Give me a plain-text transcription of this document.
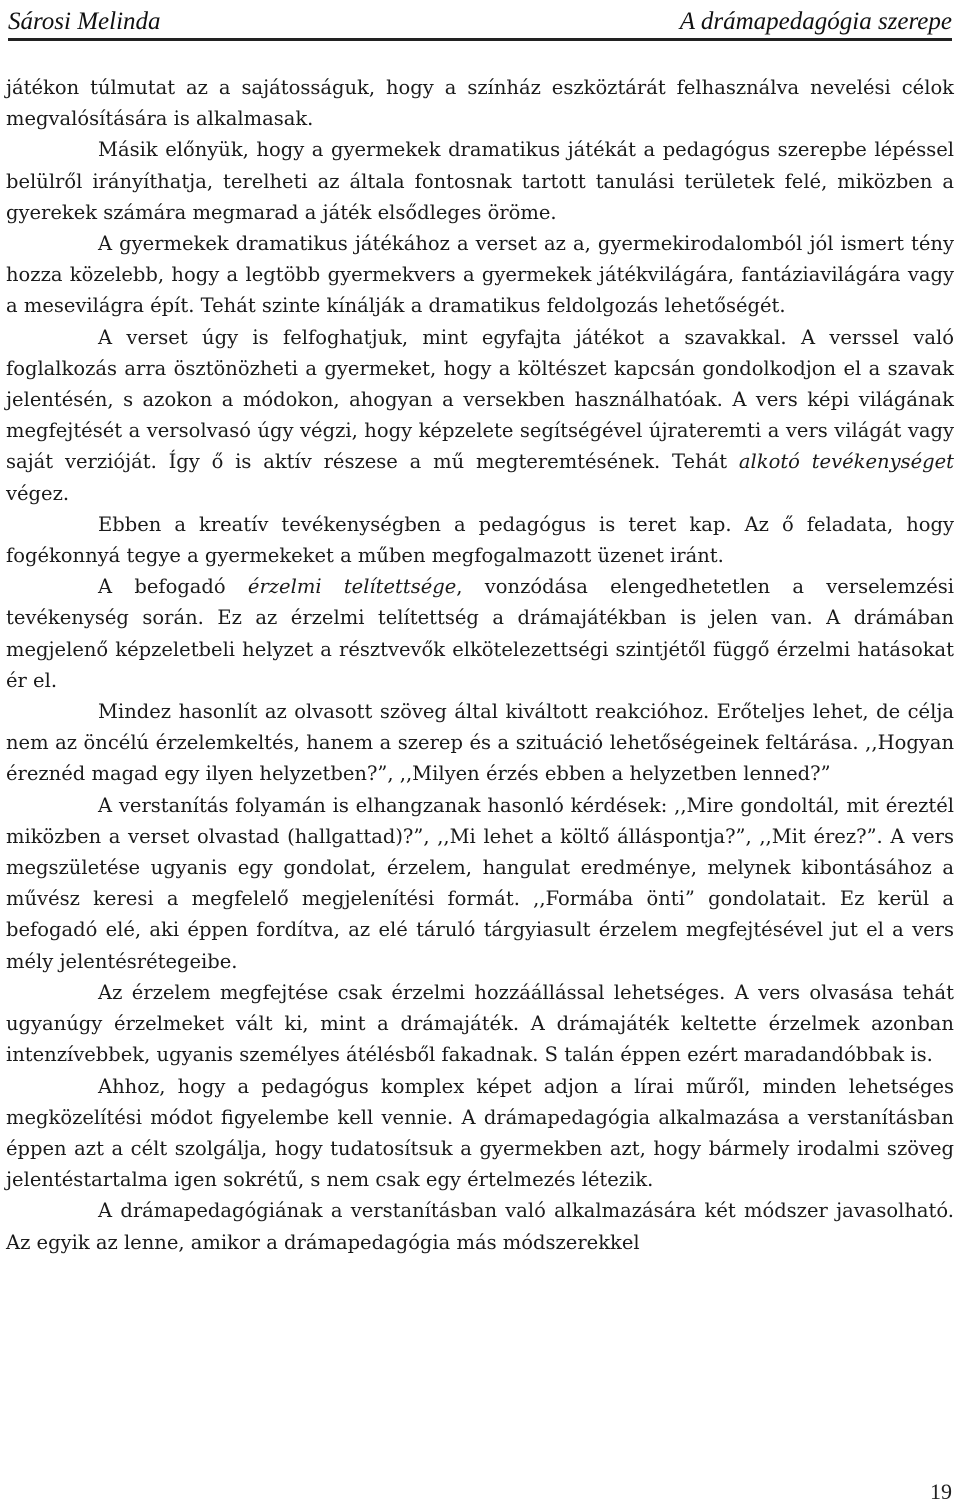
Sárosi Melinda	A drámapedagógia szerepe

játékon túlmutat az a sajátosságuk, hogy a színház eszköztárát felhasználva nevelési célok megvalósítására is alkalmasak.

Másik előnyük, hogy a gyermekek dramatikus játékát a pedagógus szerepbe lépéssel belülről irányíthatja, terelheti az általa fontosnak tartott tanulási területek felé, miközben a gyerekek számára megmarad a játék elsődleges öröme.

A gyermekek dramatikus játékához a verset az a, gyermekirodalomból jól ismert tény hozza közelebb, hogy a legtöbb gyermekvers a gyermekek játékvilágára, fantáziavilágára vagy a mesevilágra épít. Tehát szinte kínálják a dramatikus feldolgozás lehetőségét.

A verset úgy is felfoghatjuk, mint egyfajta játékot a szavakkal. A verssel való foglalkozás arra ösztönözheti a gyermeket, hogy a költészet kapcsán gondolkodjon el a szavak jelentésén, s azokon a módokon, ahogyan a versekben használhatóak. A vers képi világának megfejtését a versolvasó úgy végzi, hogy képzelete segítségével újrateremti a vers világát vagy saját verzióját. Így ő is aktív részese a mű megteremtésének. Tehát alkotó tevékenységet végez.

Ebben a kreatív tevékenységben a pedagógus is teret kap. Az ő feladata, hogy fogékonnyá tegye a gyermekeket a műben megfogalmazott üzenet iránt.

A befogadó érzelmi telítettsége, vonzódása elengedhetetlen a verselemzési tevékenység során. Ez az érzelmi telítettség a drámajátékban is jelen van. A drámában megjelenő képzeletbeli helyzet a résztvevők elkötelezettségi szintjétől függő érzelmi hatásokat ér el.

Mindez hasonlít az olvasott szöveg által kiváltott reakcióhoz. Erőteljes lehet, de célja nem az öncélú érzelemkeltés, hanem a szerep és a szituáció lehetőségeinek feltárása. ,,Hogyan éreznéd magad egy ilyen helyzetben?”, ,,Milyen érzés ebben a helyzetben lenned?”

A verstanítás folyamán is elhangzanak hasonló kérdések: ,,Mire gondoltál, mit éreztél miközben a verset olvastad (hallgattad)?”, ,,Mi lehet a költő álláspontja?”, ,,Mit érez?”. A vers megszületése ugyanis egy gondolat, érzelem, hangulat eredménye, melynek kibontásához a művész keresi a megfelelő megjelenítési formát. ,,Formába önti” gondolatait. Ez kerül a befogadó elé, aki éppen fordítva, az elé táruló tárgyiasult érzelem megfejtésével jut el a vers mély jelentésrétegeibe.

Az érzelem megfejtése csak érzelmi hozzáállással lehetséges. A vers olvasása tehát ugyanúgy érzelmeket vált ki, mint a drámajáték. A drámajáték keltette érzelmek azonban intenzívebbek, ugyanis személyes átélésből fakadnak. S talán éppen ezért maradandóbbak is.

Ahhoz, hogy a pedagógus komplex képet adjon a lírai műről, minden lehetséges megközelítési módot figyelembe kell vennie. A drámapedagógia alkalmazása a verstanításban éppen azt a célt szolgálja, hogy tudatosítsuk a gyermekben azt, hogy bármely irodalmi szöveg jelentéstartalma igen sokrétű, s nem csak egy értelmezés létezik.

A drámapedagógiának a verstanításban való alkalmazására két módszer javasolható. Az egyik az lenne, amikor a drámapedagógia más módszerekkel

19
